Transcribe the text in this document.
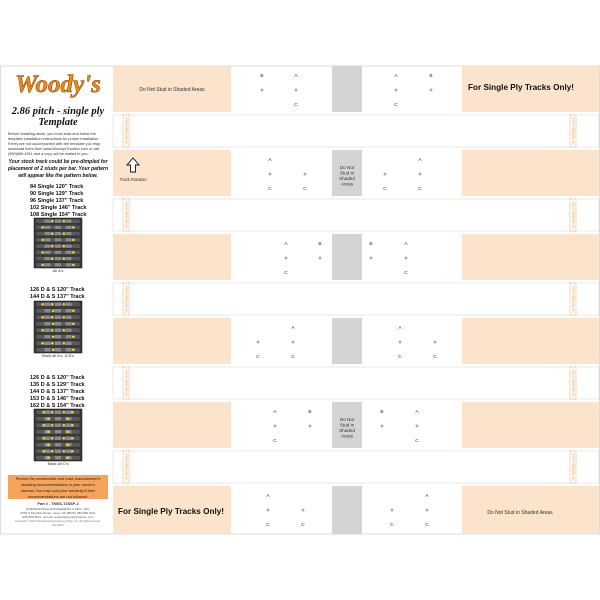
Woody's
2.86 pitch - single ply
Template
Before installing studs, you must read and follow the
template installation instructions for proper installation.
If they are not accompanied with the template you may
download them from www.WoodysTraction.com or call
(989)689-4911 and a copy will be mailed to you.
Your stock track could be pre-dimpled for
placement of 2 studs per bar. Your pattern
will appear like the pattern below.
84 Single 120" Track
90 Single 129" Track
96 Single 137" Track
102 Single 146" Track
108 Single 154" Track
All A's
126 D & S 120" Track
144 D & S 137" Track
Mark all A's, & B's
126 D & S 120" Track
135 D & S 129" Track
144 D & S 137" Track
153 D & S 146" Track
162 D & S 154" Track
Mark all C's
Review the snowmobile and track manufacturer's
studding recommendations in your owner's
manual. You may void your warranty if their
recommendations are not followed.
Part # - TMSS-T2SSP-2
INTERNATIONAL ENGINEERING & MFG., INC.
6054 N Meridian Road · Hope, MI 48628 | 989-689-4911
989-689-4911 · E-mail: woodys@woodystraction.com
Copyright © 2010 International Engineering & Mfg., Inc. All rights reserved.
Rev 06/10
CUT BETWEEN LINES	CUT BETWEEN LINES
CUT BETWEEN LINES	CUT BETWEEN LINES
CUT BETWEEN LINES	CUT BETWEEN LINES
CUT BETWEEN LINES	CUT BETWEEN LINES
CUT BETWEEN LINES	CUT BETWEEN LINES
Do Not
Stud in
Shaded
Areas
Do Not
Stud in
Shaded
Areas
B	A
C
A	B
C
A
C	C
A
C	C
A	B
C
B	A
C
A
C	C
A
C	C
A	B
C
B	A
C
A
C	C
A
C	C
Do Not Stud in Shaded Areas	For Single Ply Tracks Only!
For Single Ply Tracks Only!	Do Not Stud in Shaded Areas
Track Rotation
